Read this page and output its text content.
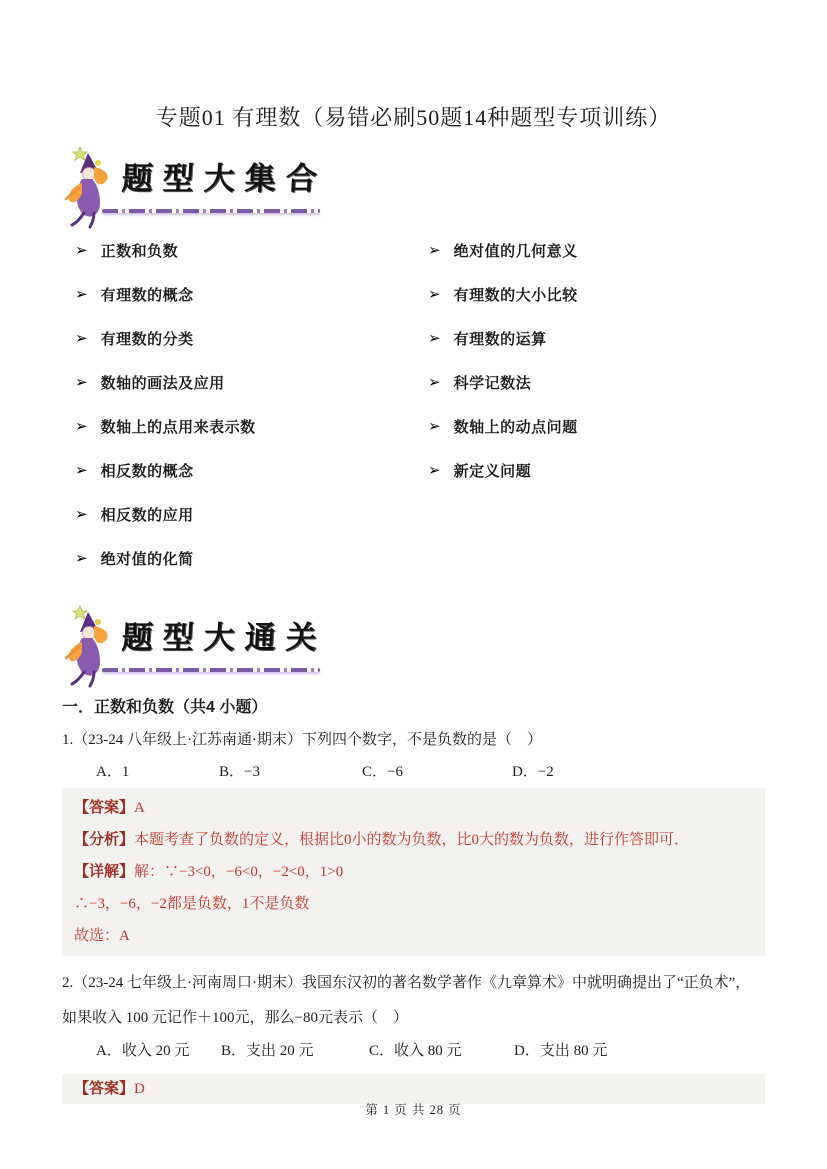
专题01 有理数（易错必刷50题14种题型专项训练）
题型大集合
➢ 正数和负数
➢ 有理数的概念
➢ 有理数的分类
➢ 数轴的画法及应用
➢ 数轴上的点用来表示数
➢ 相反数的概念
➢ 相反数的应用
➢ 绝对值的化简
➢ 绝对值的几何意义
➢ 有理数的大小比较
➢ 有理数的运算
➢ 科学记数法
➢ 数轴上的动点问题
➢ 新定义问题
题型大通关
一．正数和负数（共4 小题）
1.（23-24 八年级上·江苏南通·期末）下列四个数字，不是负数的是（　）
A．1	B．−3	C．−6	D．−2
【答案】A
【分析】本题考查了负数的定义，根据比0小的数为负数，比0大的数为负数，进行作答即可．
【详解】解：∵−3<0，−6<0，−2<0，1>0
∴−3，−6，−2都是负数，1不是负数
故选：A
2.（23-24 七年级上·河南周口·期末）我国东汉初的著名数学著作《九章算术》中就明确提出了“正负术”，
如果收入 100 元记作＋100元，那么−80元表示（　）
A．收入 20 元	B．支出 20 元	C．收入 80 元	D．支出 80 元
【答案】D
第 1 页 共 28 页
